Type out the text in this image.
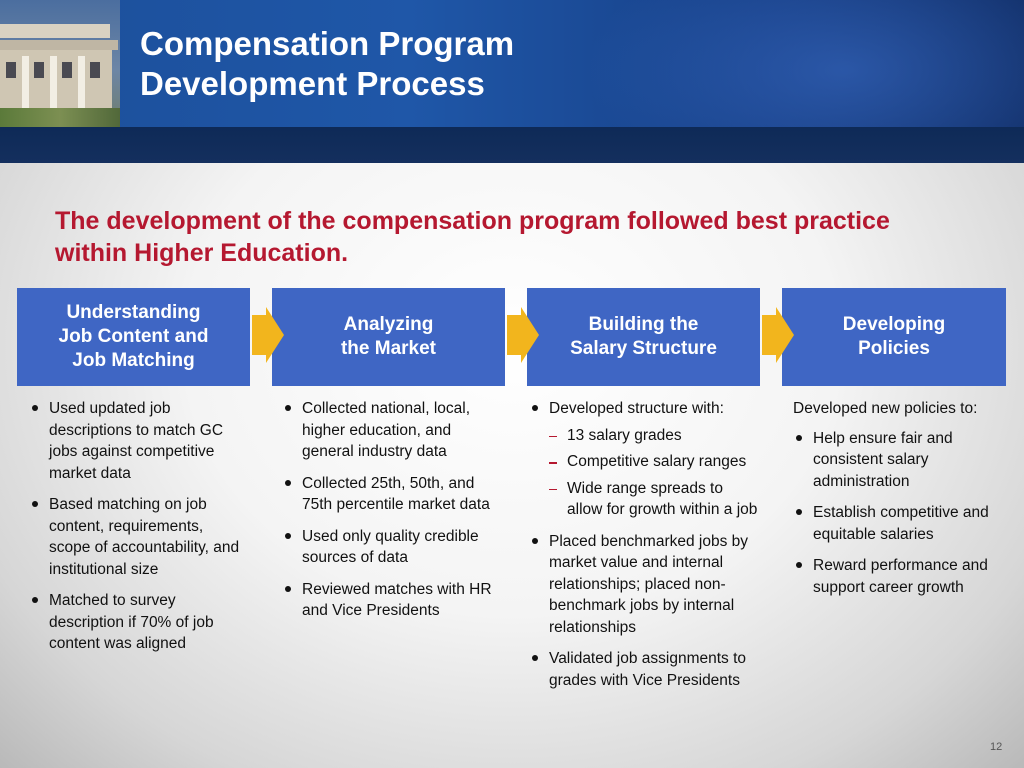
Compensation Program
Development Process
The development of the compensation program followed best practice within Higher Education.
Understanding
Job Content and
Job Matching
Analyzing
the Market
Building the
Salary Structure
Developing
Policies
Used updated job descriptions to match GC jobs against competitive market data
Based matching on job content, requirements, scope of accountability, and institutional size
Matched to survey description if 70% of job content was aligned
Collected national, local, higher education, and general industry data
Collected 25th, 50th, and 75th percentile market data
Used only quality credible sources of data
Reviewed matches with HR and Vice Presidents
Developed structure with:
13 salary grades
Competitive salary ranges
Wide range spreads to allow for growth within a job
Placed benchmarked jobs by market value and internal relationships; placed non-benchmark jobs by internal relationships
Validated job assignments to grades with Vice Presidents

Developed new policies to:

Help ensure fair and consistent salary administration
Establish competitive and equitable salaries
Reward performance and support career growth
12
